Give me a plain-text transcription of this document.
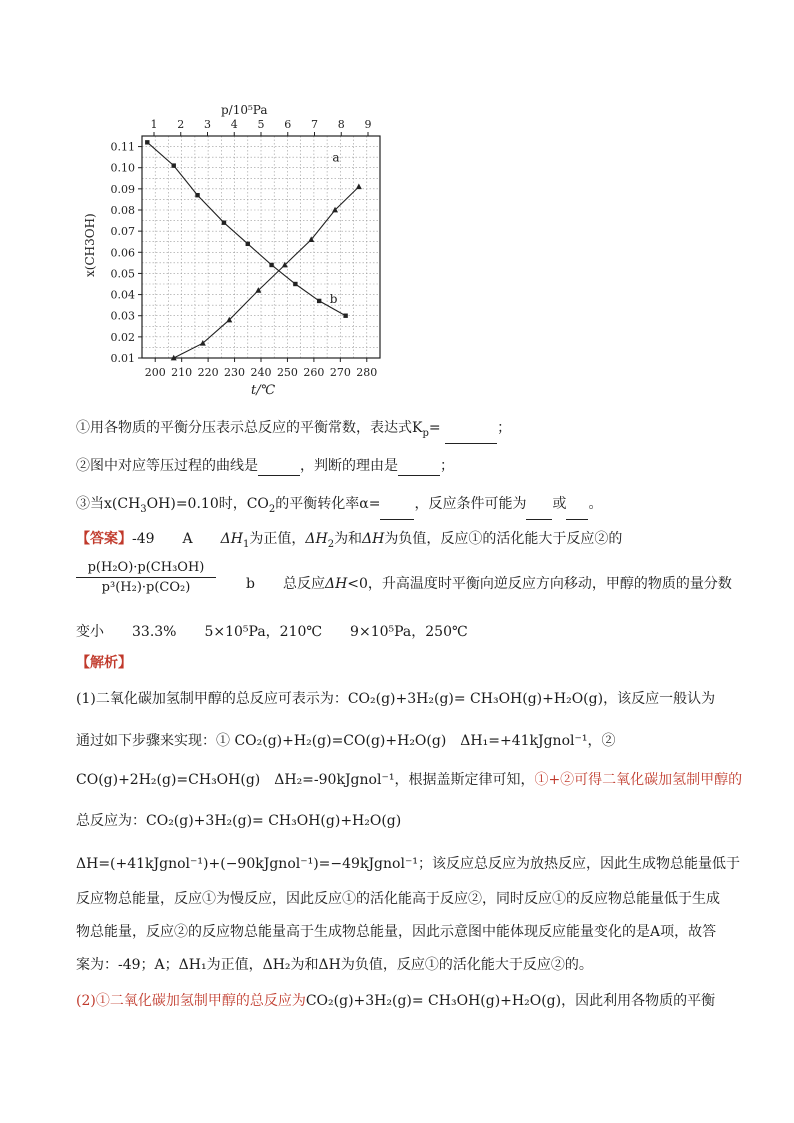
200 210 220 230 240 250 260 270 280
1 2 3 4 5 6 7 8 9
0.01
0.02
0.03
0.04
0.05
0.06
0.07
0.08
0.09
0.10
0.11
a
b
x(CH3OH)
t/℃
p/10⁵Pa
①用各物质的平衡分压表示总反应的平衡常数，表达式$K_p=$	；
②图中对应等压过程的曲线是	，判断的理由是	；
③当$x(CH_3OH)=0.10$时，$CO_2$的平衡转化率α= ，反应条件可能为 或 。
【答案】-49　　A　　$\Delta H_1$为正值，$\Delta H_2$为和ΔH为负值，反应①的活化能大于反应②的
$\frac{\text{p(H₂O)·p(CH₃OH)}}{\text{p³(H₂)·p(CO₂)}}$ b　　总反应ΔH<0，升高温度时平衡向逆反应方向移动，甲醇的物质的量分数
变小　　33.3%　　5×10⁵Pa，210℃　　9×10⁵Pa，250℃
【解析】
(1)二氧化碳加氢制甲醇的总反应可表示为：CO₂(g)+3H₂(g)= CH₃OH(g)+H₂O(g)，该反应一般认为
通过如下步骤来实现：① CO₂(g)+H₂(g)=CO(g)+H₂O(g)　ΔH₁=+41kJgnol⁻¹，②
CO(g)+2H₂(g)=CH₃OH(g)　ΔH₂=-90kJgnol⁻¹，根据盖斯定律可知，①+②可得二氧化碳加氢制甲醇的
总反应为：CO₂(g)+3H₂(g)= CH₃OH(g)+H₂O(g)
ΔH=(+41kJgnol⁻¹)+(−90kJgnol⁻¹)=−49kJgnol⁻¹；该反应总反应为放热反应，因此生成物总能量低于
反应物总能量，反应①为慢反应，因此反应①的活化能高于反应②，同时反应①的反应物总能量低于生成
物总能量，反应②的反应物总能量高于生成物总能量，因此示意图中能体现反应能量变化的是A项，故答
案为：-49；A；ΔH₁为正值，ΔH₂为和ΔH为负值，反应①的活化能大于反应②的。
(2)①二氧化碳加氢制甲醇的总反应为CO₂(g)+3H₂(g)= CH₃OH(g)+H₂O(g)，因此利用各物质的平衡
